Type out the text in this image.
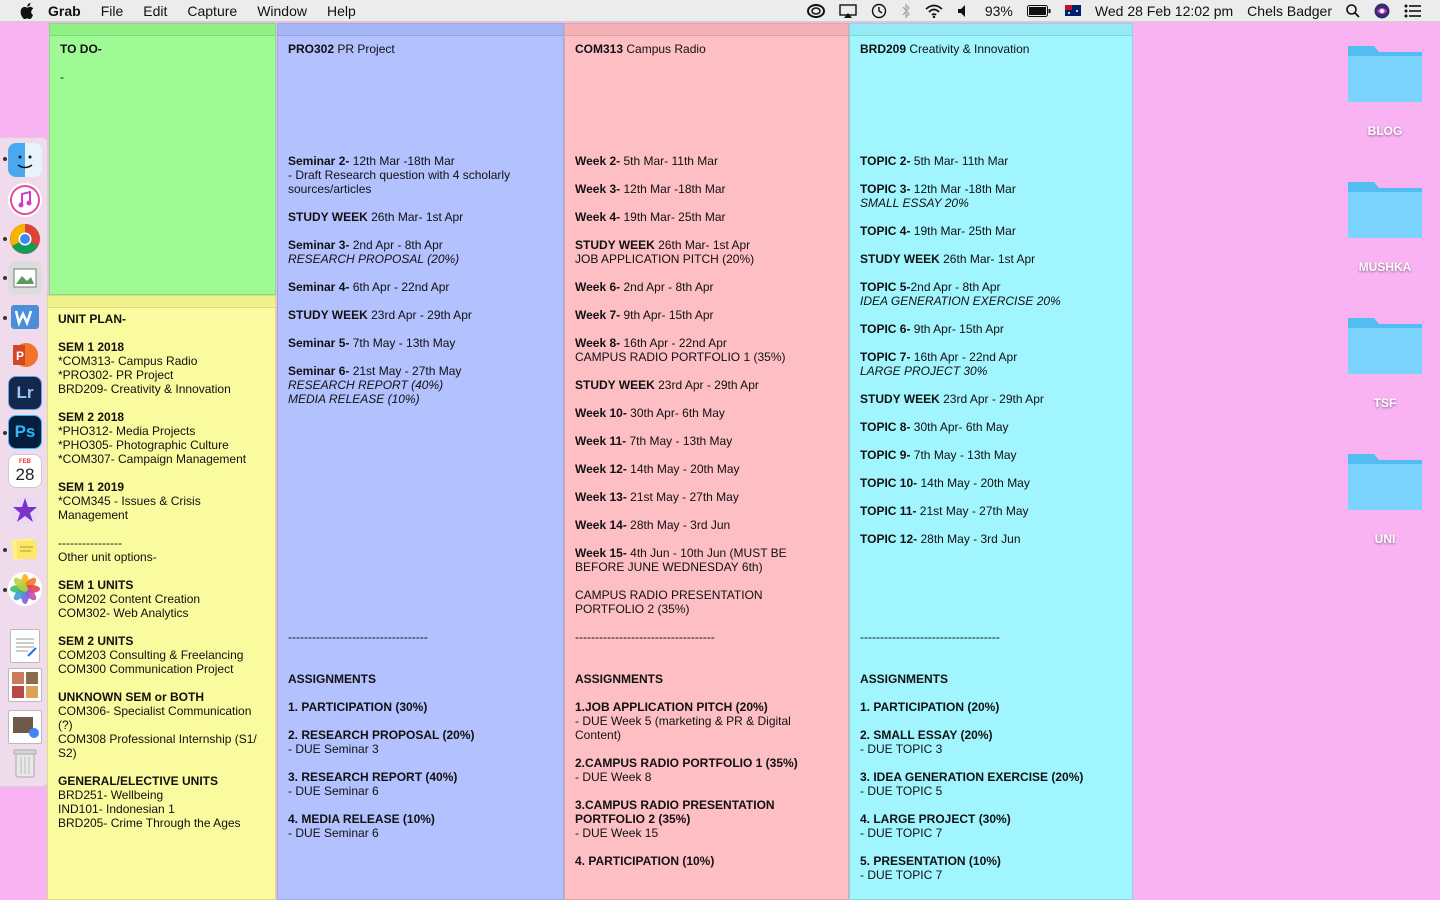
Grab File Edit Capture Window Help	93%	Wed 28 Feb 12:02 pm Chels Badger
P
Lr
Ps
FEB
28
TO DO-
-
UNIT PLAN-
SEM 1 2018
*COM313- Campus Radio
*PRO302- PR Project
BRD209- Creativity & Innovation
SEM 2 2018
*PHO312- Media Projects
*PHO305- Photographic Culture
*COM307- Campaign Management
SEM 1 2019
*COM345 - Issues & Crisis
Management
----------------
Other unit options-
SEM 1 UNITS
COM202 Content Creation
COM302- Web Analytics
SEM 2 UNITS
COM203 Consulting & Freelancing
COM300 Communication Project
UNKNOWN SEM or BOTH
COM306- Specialist Communication
(?)
COM308 Professional Internship (S1/
S2)
GENERAL/ELECTIVE UNITS
BRD251- Wellbeing
IND101- Indonesian 1
BRD205- Crime Through the Ages
PRO302 PR Project
Seminar 2- 12th Mar -18th Mar
- Draft Research question with 4 scholarly
sources/articles
STUDY WEEK 26th Mar- 1st Apr
Seminar 3- 2nd Apr - 8th Apr
RESEARCH PROPOSAL (20%)
Seminar 4- 6th Apr - 22nd Apr
STUDY WEEK 23rd Apr - 29th Apr
Seminar 5- 7th May - 13th May
Seminar 6- 21st May - 27th May
RESEARCH REPORT (40%)
MEDIA RELEASE (10%)
-----------------------------------
ASSIGNMENTS
1. PARTICIPATION (30%)
2. RESEARCH PROPOSAL (20%)
- DUE Seminar 3
3. RESEARCH REPORT (40%)
- DUE Seminar 6
4. MEDIA RELEASE (10%)
- DUE Seminar 6
COM313 Campus Radio
Week 2- 5th Mar- 11th Mar
Week 3- 12th Mar -18th Mar
Week 4- 19th Mar- 25th Mar
STUDY WEEK 26th Mar- 1st Apr
JOB APPLICATION PITCH (20%)
Week 6- 2nd Apr - 8th Apr
Week 7- 9th Apr- 15th Apr
Week 8- 16th Apr - 22nd Apr
CAMPUS RADIO PORTFOLIO 1 (35%)
STUDY WEEK 23rd Apr - 29th Apr
Week 10- 30th Apr- 6th May
Week 11- 7th May - 13th May
Week 12- 14th May - 20th May
Week 13- 21st May - 27th May
Week 14- 28th May - 3rd Jun
Week 15- 4th Jun - 10th Jun (MUST BE
BEFORE JUNE WEDNESDAY 6th)
CAMPUS RADIO PRESENTATION
PORTFOLIO 2 (35%)
-----------------------------------
ASSIGNMENTS
1.JOB APPLICATION PITCH (20%)
- DUE Week 5 (marketing & PR & Digital
Content)
2.CAMPUS RADIO PORTFOLIO 1 (35%)
- DUE Week 8
3.CAMPUS RADIO PRESENTATION
PORTFOLIO 2 (35%)
- DUE Week 15
4. PARTICIPATION (10%)
BRD209 Creativity & Innovation
TOPIC 2- 5th Mar- 11th Mar
TOPIC 3- 12th Mar -18th Mar
SMALL ESSAY 20%
TOPIC 4- 19th Mar- 25th Mar
STUDY WEEK 26th Mar- 1st Apr
TOPIC 5-2nd Apr - 8th Apr
IDEA GENERATION EXERCISE 20%
TOPIC 6- 9th Apr- 15th Apr
TOPIC 7- 16th Apr - 22nd Apr
LARGE PROJECT 30%
STUDY WEEK 23rd Apr - 29th Apr
TOPIC 8- 30th Apr- 6th May
TOPIC 9- 7th May - 13th May
TOPIC 10- 14th May - 20th May
TOPIC 11- 21st May - 27th May
TOPIC 12- 28th May - 3rd Jun
-----------------------------------
ASSIGNMENTS
1. PARTICIPATION (20%)
2. SMALL ESSAY (20%)
- DUE TOPIC 3
3. IDEA GENERATION EXERCISE (20%)
- DUE TOPIC 5
4. LARGE PROJECT (30%)
- DUE TOPIC 7
5. PRESENTATION (10%)
- DUE TOPIC 7
BLOG
MUSHKA
TSF
UNI
